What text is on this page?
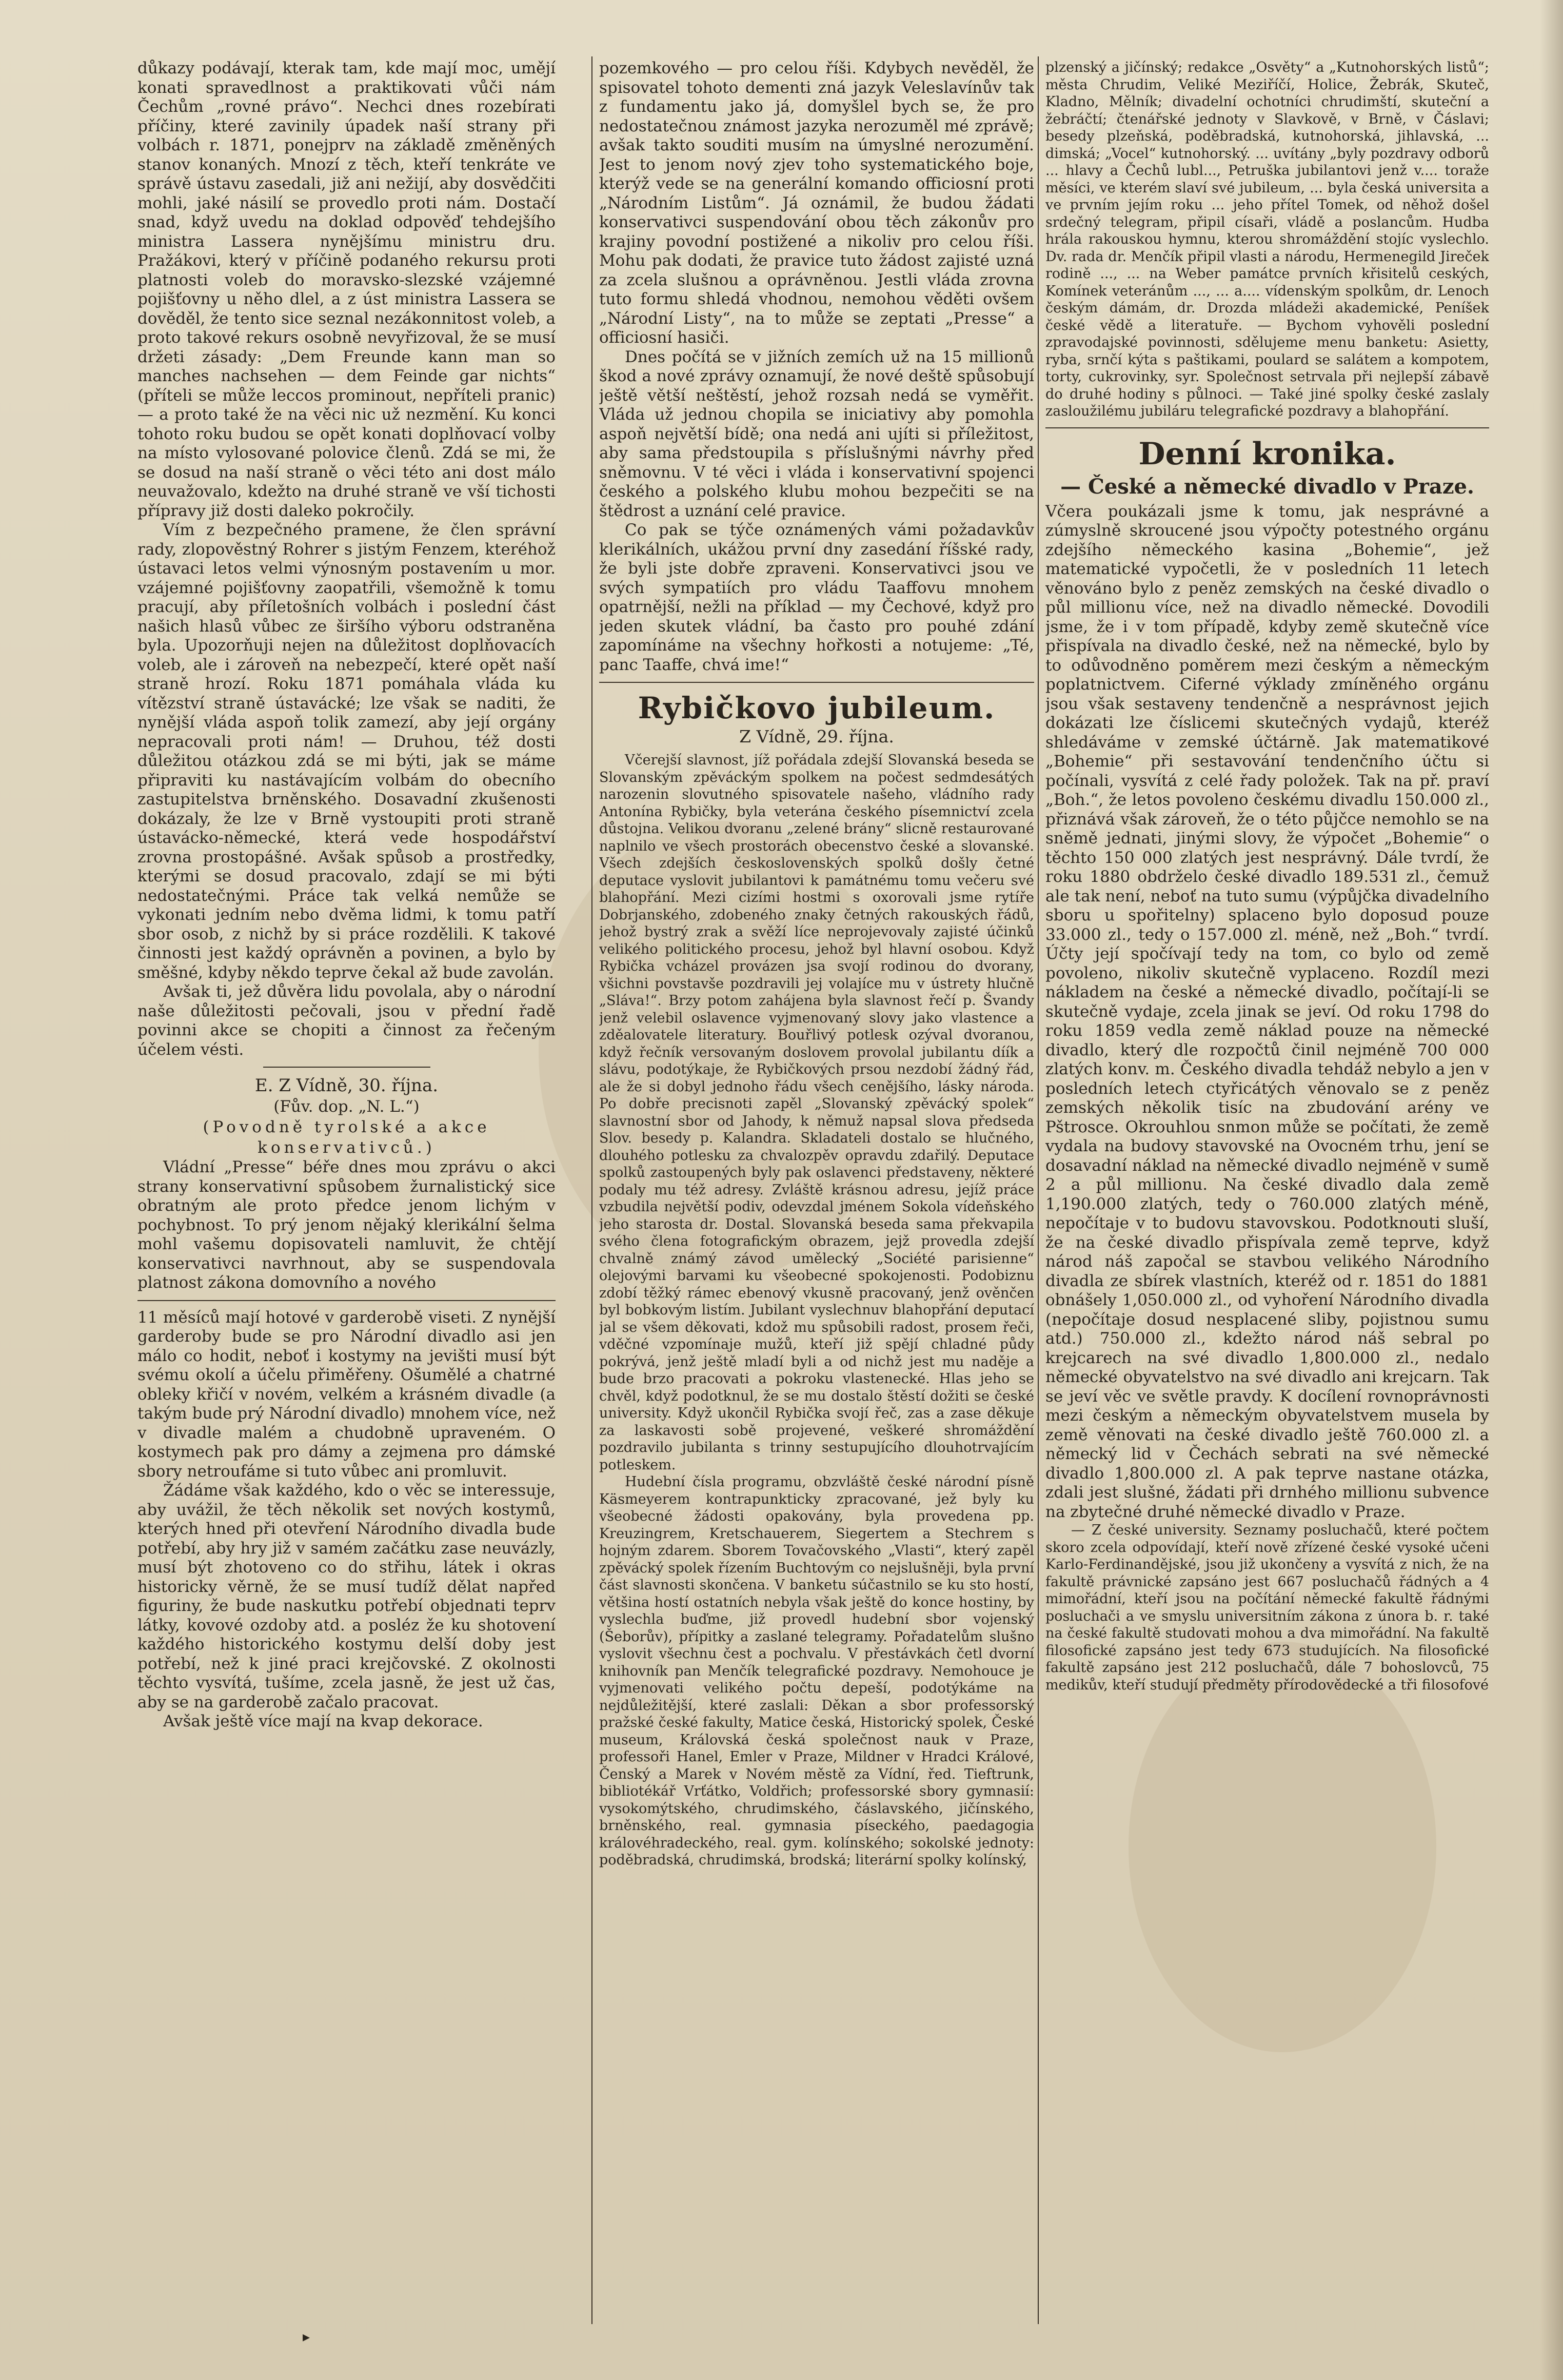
důkazy podávají, kterak tam, kde mají moc, umějí konati spravedlnost a praktikovati vůči nám Čechům „rovné právo“. Nechci dnes rozebírati příčiny, které zavinily úpadek naší strany při volbách r. 1871, ponejprv na základě změněných stanov konaných. Mnozí z těch, kteří tenkráte ve správě ústavu zasedali, již ani nežijí, aby dosvědčiti mohli, jaké násilí se provedlo proti nám. Dostačí snad, když uvedu na doklad odpověď tehdejšího ministra Lassera nynějšímu ministru dru. Pražákovi, který v příčině podaného rekursu proti platnosti voleb do moravsko-slezské vzájemné pojišťovny u něho dlel, a z úst ministra Lassera se dověděl, že tento sice seznal nezákonnitost voleb, a proto takové rekurs osobně nevyřizoval, že se musí držeti zásady: „Dem Freunde kann man so manches nachsehen — dem Feinde gar nichts“ (příteli se může leccos prominout, nepříteli pranic) — a proto také že na věci nic už nezmění. Ku konci tohoto roku budou se opět konati doplňovací volby na místo vylosované polovice členů. Zdá se mi, že se dosud na naší straně o věci této ani dost málo neuvažovalo, kdežto na druhé straně ve vší tichosti přípravy již dosti daleko pokročily.

Vím z bezpečného pramene, že člen správní rady, zlopověstný Rohrer s jistým Fenzem, kteréhož ústavaci letos velmi výnosným postavením u mor. vzájemné pojišťovny zaopatřili, všemožně k tomu pracují, aby příletošních volbách i poslední část našich hlasů vůbec ze širšího výboru odstraněna byla. Upozorňuji nejen na důležitost doplňovacích voleb, ale i zároveň na nebezpečí, které opět naší straně hrozí. Roku 1871 pomáhala vláda ku vítězství straně ústavácké; lze však se naditi, že nynější vláda aspoň tolik zamezí, aby její orgány nepracovali proti nám! — Druhou, též dosti důležitou otázkou zdá se mi býti, jak se máme připraviti ku nastávajícím volbám do obecního zastupitelstva brněnského. Dosavadní zkušenosti dokázaly, že lze v Brně vystoupiti proti straně ústavácko-německé, která vede hospodářství zrovna prostopášné. Avšak spůsob a prostředky, kterými se dosud pracovalo, zdají se mi býti nedostatečnými. Práce tak velká nemůže se vykonati jedním nebo dvěma lidmi, k tomu patří sbor osob, z nichž by si práce rozdělili. K takové činnosti jest každý oprávněn a povinen, a bylo by směšné, kdyby někdo teprve čekal až bude zavolán.

Avšak ti, jež důvěra lidu povolala, aby o národní naše důležitosti pečovali, jsou v přední řadě povinni akce se chopiti a činnost za řečeným účelem vésti.

E. Z Vídně, 30. října.
(Fův. dop. „N. L.“)
(Povodně tyrolské a akce konservativců.)

Vládní „Presse“ béře dnes mou zprávu o akci strany konservativní spůsobem žurnalistický sice obratným ale proto předce jenom lichým v pochybnost. To prý jenom nějaký klerikální šelma mohl vašemu dopisovateli namluvit, že chtějí konservativci navrhnout, aby se suspendovala platnost zákona domovního a nového

11 měsíců mají hotové v garderobě viseti. Z nynější garderoby bude se pro Národní divadlo asi jen málo co hodit, neboť i kostymy na jevišti musí být svému okolí a účelu přiměřeny. Ošumělé a chatrné obleky křičí v novém, velkém a krásném divadle (a takým bude prý Národní divadlo) mnohem více, než v divadle malém a chudobně upraveném. O kostymech pak pro dámy a zejmena pro dámské sbory netroufáme si tuto vůbec ani promluvit.

Žádáme však každého, kdo o věc se interessuje, aby uvážil, že těch několik set nových kostymů, kterých hned při otevření Národního divadla bude potřebí, aby hry již v samém začátku zase neuvázly, musí být zhotoveno co do střihu, látek i okras historicky věrně, že se musí tudíž dělat napřed figuriny, že bude naskutku potřebí objednati teprv látky, kovové ozdoby atd. a posléz že ku shotovení každého historického kostymu delší doby jest potřebí, než k jiné praci krejčovské. Z okolnosti těchto vysvítá, tušíme, zcela jasně, že jest už čas, aby se na garderobě začalo pracovat.

Avšak ještě více mají na kvap dekorace.

pozemkového — pro celou říši. Kdybych nevěděl, že spisovatel tohoto dementi zná jazyk Veleslavínův tak z fundamentu jako já, domyšlel bych se, že pro nedostatečnou známost jazyka nerozuměl mé zprávě; avšak takto souditi musím na úmyslné nerozumění. Jest to jenom nový zjev toho systematického boje, kterýž vede se na generální komando officiosní proti „Národním Listům“. Já oznámil, že budou žádati konservativci suspendování obou těch zákonův pro krajiny povodní postižené a nikoliv pro celou říši. Mohu pak dodati, že pravice tuto žádost zajisté uzná za zcela slušnou a oprávněnou. Jestli vláda zrovna tuto formu shledá vhodnou, nemohou věděti ovšem „Národní Listy“, na to může se zeptati „Presse“ a officiosní hasiči.

Dnes počítá se v jižních zemích už na 15 millionů škod a nové zprávy oznamují, že nové deště spůsobují ještě větší neštěstí, jehož rozsah nedá se vyměřit. Vláda už jednou chopila se iniciativy aby pomohla aspoň největší bídě; ona nedá ani ujíti si příležitost, aby sama předstoupila s příslušnými návrhy před sněmovnu. V té věci i vláda i konservativní spojenci českého a polského klubu mohou bezpečiti se na štědrost a uznání celé pravice.

Co pak se týče oznámených vámi požadavkův klerikálních, ukážou první dny zasedání říšské rady, že byli jste dobře zpraveni. Konservativci jsou ve svých sympatiích pro vládu Taaffovu mnohem opatrnější, nežli na příklad — my Čechové, když pro jeden skutek vládní, ba často pro pouhé zdání zapomínáme na všechny hořkosti a notujeme: „Té, panc Taaffe, chvá ime!“

Rybičkovo jubileum.
Z Vídně, 29. října.

Včerejší slavnost, jíž pořádala zdejší Slovanská beseda se Slovanským zpěváckým spolkem na počest sedmdesátých narozenin slovutného spisovatele našeho, vládního rady Antonína Rybičky, byla veterána českého písemnictví zcela důstojna. Velikou dvoranu „zelené brány“ slicně restaurované naplnilo ve všech prostorách obecenstvo české a slovanské. Všech zdejších československých spolků došly četné deputace vyslovit jubilantovi k památnému tomu večeru své blahopřání. Mezi cizími hostmi s oxorovali jsme rytíře Dobrjanského, zdobeného znaky četných rakouských řádů, jehož bystrý zrak a svěží líce neprojevovaly zajisté účinků velikého politického procesu, jehož byl hlavní osobou. Když Rybička vcházel provázen jsa svojí rodinou do dvorany, všichni povstavše pozdravili jej volajíce mu v ústrety hlučně „Sláva!“. Brzy potom zahájena byla slavnost řečí p. Švandy jenž velebil oslavence vyjmenovaný slovy jako vlastence a zděalovatele literatury. Bouřlivý potlesk ozýval dvoranou, když řečník versovaným doslovem provolal jubilantu díík a slávu, podotýkaje, že Rybičkových prsou nezdobí žádný řád, ale že si dobyl jednoho řádu všech cenějšího, lásky národa. Po dobře precisnoti zapěl „Slovanský zpěvácký spolek“ slavnostní sbor od Jahody, k němuž napsal slova předseda Slov. besedy p. Kalandra. Skladateli dostalo se hlučného, dlouhého potlesku za chvalozpěv opravdu zdařilý. Deputace spolků zastoupených byly pak oslavenci představeny, některé podaly mu též adresy. Zvláště krásnou adresu, jejíž práce vzbudila největší podiv, odevzdal jménem Sokola vídeňského jeho starosta dr. Dostal. Slovanská beseda sama překvapila svého člena fotografickým obrazem, jejž provedla zdejší chvalně známý závod umělecký „Société parisienne“ olejovými barvami ku všeobecné spokojenosti. Podobiznu zdobí těžký rámec ebenový vkusně pracovaný, jenž ověnčen byl bobkovým listím. Jubilant vyslechnuv blahopřání deputací jal se všem děkovati, kdož mu spůsobili radost, prosem řeči, vděčné vzpomínaje mužů, kteří již spějí chladné půdy pokrývá, jenž ještě mladí byli a od nichž jest mu naděje a bude brzo pracovati a pokroku vlastenecké. Hlas jeho se chvěl, když podotknul, že se mu dostalo štěstí dožiti se české university. Když ukončil Rybička svojí řeč, zas a zase děkuje za laskavosti sobě projevené, veškeré shromáždění pozdravilo jubilanta s trinny sestupujícího dlouhotrvajícím potleskem.

Hudební čísla programu, obzvláště české národní písně Käsmeyerem kontrapunkticky zpracované, jež byly ku všeobecné žádosti opakovány, byla provedena pp. Kreuzingrem, Kretschauerem, Siegertem a Stechrem s hojným zdarem. Sborem Tovačovského „Vlasti“, který zapěl zpěvácký spolek řízením Buchtovým co nejslušněji, byla první část slavnosti skončena. V banketu súčastnilo se ku sto hostí, většina hostí ostatních nebyla však ještě do konce hostiny, by vyslechla buďme, již provedl hudební sbor vojenský (Šeborův), přípitky a zaslané telegramy. Pořadatelům slušno vyslovit všechnu čest a pochvalu. V přestávkách četl dvorní knihovník pan Menčík telegrafické pozdravy. Nemohouce je vyjmenovati velikého počtu depeší, podotýkáme na nejdůležitější, které zaslali: Děkan a sbor professorský pražské české fakulty, Matice česká, Historický spolek, České museum, Královská česká společnost nauk v Praze, professoři Hanel, Emler v Praze, Mildner v Hradci Králové, Čenský a Marek v Novém městě za Vídní, řed. Tieftrunk, bibliotékář Vrťátko, Voldřich; professorské sbory gymnasií: vysokomýtského, chrudimského, čáslavského, jičínského, brněnského, real. gymnasia píseckého, paedagogia královéhradeckého, real. gym. kolínského; sokolské jednoty: poděbradská, chrudimská, brodská; literární spolky kolínský,

plzenský a jičínský; redakce „Osvěty“ a „Kutnohorských listů“; města Chrudim, Veliké Meziříčí, Holice, Žebrák, Skuteč, Kladno, Mělník; divadelní ochotníci chrudimští, skuteční a žebráčtí; čtenářské jednoty v Slavkově, v Brně, v Čáslavi; besedy plzeňská, poděbradská, kutnohorská, jihlavská, ... dimská; „Vocel“ kutnohorský. ... uvítány „byly pozdravy odborů ... hlavy a Čechů lubl..., Petruška jubilantovi jenž v.... toraže měsíci, ve kterém slaví své jubileum, ... byla česká universita a ve prvním jejím roku ... jeho přítel Tomek, od něhož došel srdečný telegram, připil císaři, vládě a poslancům. Hudba hrála rakouskou hymnu, kterou shromáždění stojíc vyslechlo. Dv. rada dr. Menčík připil vlasti a národu, Hermenegild Jireček rodině ..., ... na Weber památce prvních křisitelů ceských, Komínek veteránům ..., ... a.... vídenským spolkům, dr. Lenoch českým dámám, dr. Drozda mládeži akademické, Peníšek české vědě a literatuře. — Bychom vyhověli poslední zpravodajské povinnosti, sdělujeme menu banketu: Asietty, ryba, srnčí kýta s paštikami, poulard se salátem a kompotem, torty, cukrovinky, syr. Společnost setrvala při nejlepší zábavě do druhé hodiny s půlnoci. — Také jiné spolky české zaslaly zasloužilému jubiláru telegrafické pozdravy a blahopřání.

Denní kronika.
— České a německé divadlo v Praze.

Včera poukázali jsme k tomu, jak nesprávné a zúmyslně skroucené jsou výpočty potestného orgánu zdejšího německého kasina „Bohemie“, jež matematické vypočetli, že v posledních 11 letech věnováno bylo z peněz zemských na české divadlo o půl millionu více, než na divadlo německé. Dovodili jsme, že i v tom případě, kdyby země skutečně více přispívala na divadlo české, než na německé, bylo by to odůvodněno poměrem mezi českým a německým poplatnictvem. Ciferné výklady zmíněného orgánu jsou však sestaveny tendenčně a nesprávnost jejich dokázati lze číslicemi skutečných vydajů, kteréž shledáváme v zemské účtárně. Jak matematikové „Bohemie“ při sestavování tendenčního účtu si počínali, vysvítá z celé řady položek. Tak na př. praví „Boh.“, že letos povoleno českému divadlu 150.000 zl., přiznává však zároveň, že o této půjčce nemohlo se na sněmě jednati, jinými slovy, že výpočet „Bohemie“ o těchto 150 000 zlatých jest nesprávný. Dále tvrdí, že roku 1880 obdrželo české divadlo 189.531 zl., čemuž ale tak není, neboť na tuto sumu (výpůjčka divadelního sboru u spořitelny) splaceno bylo doposud pouze 33.000 zl., tedy o 157.000 zl. méně, než „Boh.“ tvrdí. Účty její spočívají tedy na tom, co bylo od země povoleno, nikoliv skutečně vyplaceno. Rozdíl mezi nákladem na české a německé divadlo, počítají-li se skutečně vydaje, zcela jinak se jeví. Od roku 1798 do roku 1859 vedla země náklad pouze na německé divadlo, který dle rozpočtů činil nejméně 700 000 zlatých konv. m. Českého divadla tehdáž nebylo a jen v posledních letech ctyřicátých věnovalo se z peněz zemských několik tisíc na zbudování arény ve Pštrosce. Okrouhlou snmon může se počítati, že země vydala na budovy stavovské na Ovocném trhu, jení se dosavadní náklad na německé divadlo nejméně v sumě 2 a půl millionu. Na české divadlo dala země 1,190.000 zlatých, tedy o 760.000 zlatých méně, nepočítaje v to budovu stavovskou. Podotknouti sluší, že na české divadlo přispívala země teprve, když národ náš započal se stavbou velikého Národního divadla ze sbírek vlastních, kteréž od r. 1851 do 1881 obnášely 1,050.000 zl., od vyhoření Národního divadla (nepočítaje dosud nesplacené sliby, pojistnou sumu atd.) 750.000 zl., kdežto národ náš sebral po krejcarech na své divadlo 1,800.000 zl., nedalo německé obyvatelstvo na své divadlo ani krejcarn. Tak se jeví věc ve světle pravdy. K docílení rovnoprávnosti mezi českým a německým obyvatelstvem musela by země věnovati na české divadlo ještě 760.000 zl. a německý lid v Čechách sebrati na své německé divadlo 1,800.000 zl. A pak teprve nastane otázka, zdali jest slušné, žádati při drnhého millionu subvence na zbytečné druhé německé divadlo v Praze.

— Z české university. Seznamy posluchačů, které počtem skoro zcela odpovídají, kteří nově zřízené české vysoké učeni Karlo-Ferdinandějské, jsou již ukončeny a vysvítá z nich, že na fakultě právnické zapsáno jest 667 posluchačů řádných a 4 mimořádní, kteří jsou na počítání německé fakultě řádnými posluchači a ve smyslu universitním zákona z února b. r. také na české fakultě studovati mohou a dva mimořádní. Na fakultě filosofické zapsáno jest tedy 673 studujících. Na filosofické fakultě zapsáno jest 212 posluchačů, dále 7 bohoslovců, 75 medikův, kteří studují předměty přírodovědecké a tři filosofové

▸
